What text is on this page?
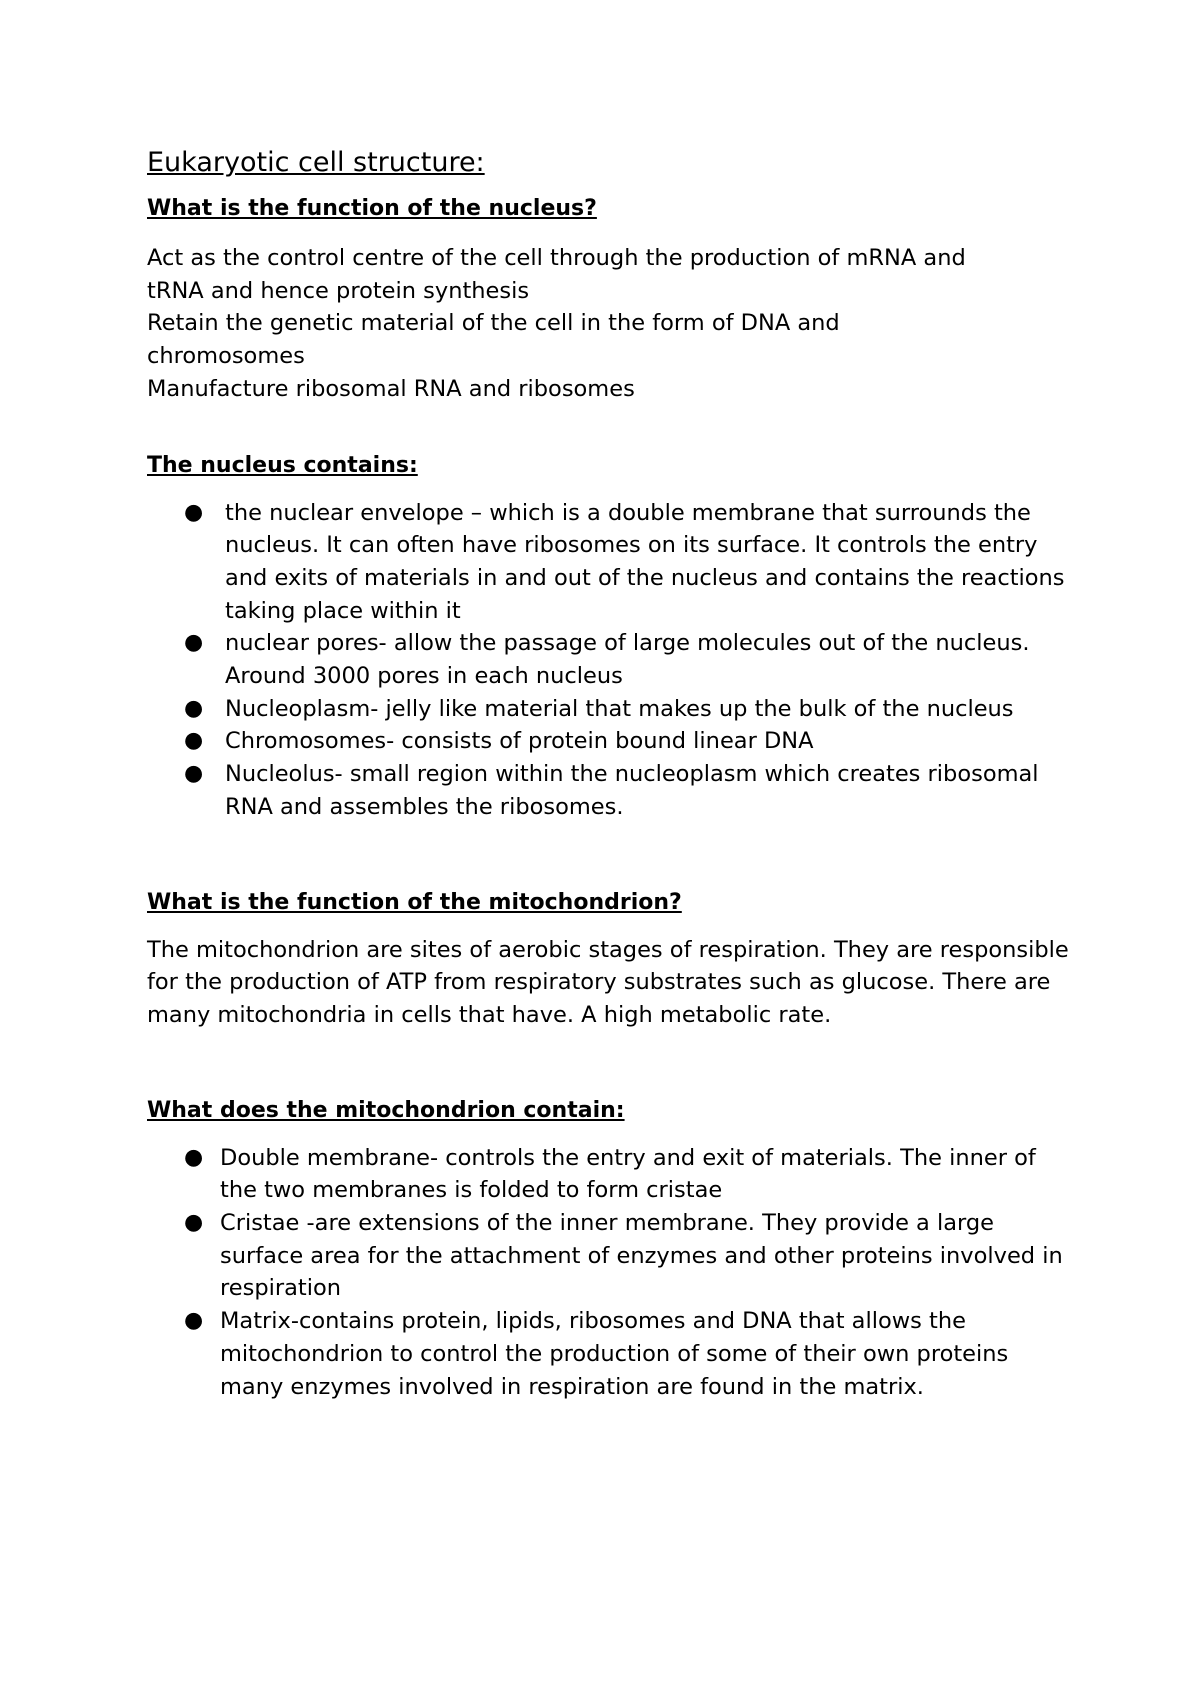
Eukaryotic cell structure:
What is the function of the nucleus?

Act as the control centre of the cell through the production of mRNA and

tRNA and hence protein synthesis

Retain the genetic material of the cell in the form of DNA and

chromosomes

Manufacture ribosomal RNA and ribosomes

The nucleus contains:
● the nuclear envelope – which is a double membrane that surrounds the nucleus. It can often have ribosomes on its surface. It controls the entry and exits of materials in and out of the nucleus and contains the reactions taking place within it
● nuclear pores- allow the passage of large molecules out of the nucleus. Around 3000 pores in each nucleus
● Nucleoplasm- jelly like material that makes up the bulk of the nucleus
● Chromosomes- consists of protein bound linear DNA
● Nucleolus- small region within the nucleoplasm which creates ribosomal RNA and assembles the ribosomes.
What is the function of the mitochondrion?

The mitochondrion are sites of aerobic stages of respiration. They are responsible for the production of ATP from respiratory substrates such as glucose. There are many mitochondria in cells that have. A high metabolic rate.

What does the mitochondrion contain:
● Double membrane- controls the entry and exit of materials. The inner of the two membranes is folded to form cristae
● Cristae -are extensions of the inner membrane. They provide a large surface area for the attachment of enzymes and other proteins involved in respiration
● Matrix-contains protein, lipids, ribosomes and DNA that allows the mitochondrion to control the production of some of their own proteins many enzymes involved in respiration are found in the matrix.
